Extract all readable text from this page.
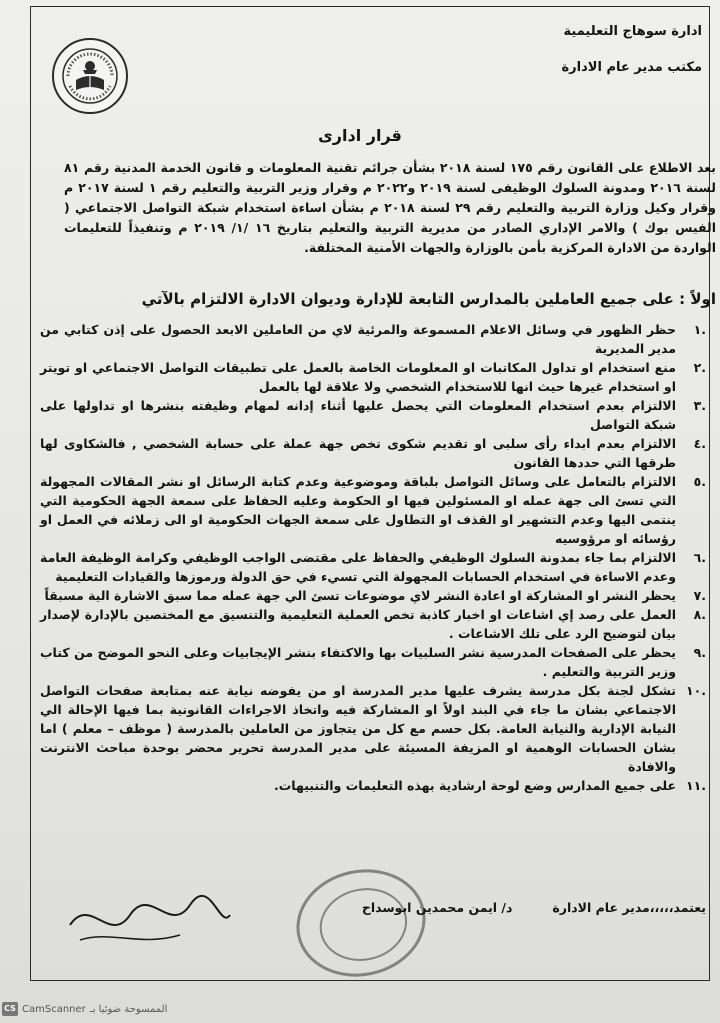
ادارة سوهاج التعليمية
مكتب مدير عام الادارة
قرار ادارى
بعد الاطلاع على القانون رقم ١٧٥ لسنة ٢٠١٨ بشأن جرائم تقنية المعلومات و قانون الخدمة المدنية رقم ٨١ لسنة ٢٠١٦ ومدونة السلوك الوظيفى لسنة ٢٠١٩ و٢٠٢٢ م وقرار وزير التربية والتعليم رقم ١ لسنة ٢٠١٧ م وقرار وكيل وزارة التربية والتعليم رقم ٢٩ لسنة ٢٠١٨ م بشأن اساءة استخدام شبكة التواصل الاجتماعي ( الفيس بوك ) والامر الإداري الصادر من مديرية التربية والتعليم بتاريخ ١٦ /١/ ٢٠١٩ م وتنفيذاً للتعليمات الواردة من الادارة المركزية بأمن بالوزارة والجهات الأمنية المختلفة.
اولاً : على جميع العاملين بالمدارس التابعة للإدارة وديوان الادارة الالتزام بالآتي
.١
حظر الظهور في وسائل الاعلام المسموعة والمرئية لاي من العاملين الابعد الحصول على إذن كتابي من مدير المديرية
.٢
منع استخدام او تداول المكاتبات او المعلومات الخاصة بالعمل على تطبيقات التواصل الاجتماعي او تويتر او استخدام غيرها حيث انها للاستخدام الشخصي ولا علاقة لها بالعمل
.٣
الالتزام بعدم استخدام المعلومات التي يحصل عليها أثناء إدانه لمهام وظيفته بنشرها او تداولها على شبكة التواصل
.٤
الالتزام بعدم ابداء رأى سلبى او تقديم شكوى تخص جهة عملة على حسابة الشخصي , فالشكاوى لها طرقها التي حددها القانون
.٥
الالتزام بالتعامل على وسائل التواصل بلباقة وموضوعية وعدم كتابة الرسائل او نشر المقالات المجهولة التي تسئ الى جهة عمله او المسئولين فيها او الحكومة وعليه الحفاظ على سمعة الجهة الحكومية التي ينتمى اليها وعدم التشهير او القذف او التطاول على سمعة الجهات الحكومية او الى زملائه في العمل او رؤسائه او مرؤوسيه
.٦
الالتزام بما جاء بمدونة السلوك الوظيفي والحفاظ على مقتضى الواجب الوظيفي وكرامة الوظيفة العامة وعدم الاساءة في استخدام الحسابات المجهولة التي تسيء في حق الدولة ورموزها والقيادات التعليمية
.٧
يحظر النشر او المشاركة او اعادة النشر لاي موضوعات تسئ الي جهة عمله مما سبق الاشارة الية مسبقاً
.٨
العمل على رصد إي اشاعات او اخبار كاذبة تخص العملية التعليمية والتنسيق مع المختصين بالإدارة لإصدار بيان لتوضيح الرد على تلك الاشاعات .
.٩
يحظر على الصفحات المدرسية نشر السلبيات بها والاكتفاء بنشر الإيجابيات وعلى النحو الموضح من كتاب وزير التربية والتعليم .
.١٠
تشكل لجنة بكل مدرسة يشرف عليها مدير المدرسة او من يفوضه نيابة عنه بمتابعة صفحات التواصل الاجتماعي بشان ما جاء في البند اولاً او المشاركة فيه واتخاذ الاجراءات القانونية بما فيها الإحالة الي النيابة الإدارية والنيابة العامة. بكل حسم مع كل من يتجاوز من العاملين بالمدرسة ( موظف – معلم ) اما بشان الحسابات الوهمية او المزيفة المسيئة على مدير المدرسة تحرير محضر بوحدة مباحث الانترنت والافادة
.١١
على جميع المدارس وضع لوحة ارشادية بهذه التعليمات والتنبيهات.
يعتمد،،،،،مدير عام الادارة
د/ ايمن محمدين ابوسداح
CS CamScanner الممسوحة ضوئيا بـ
